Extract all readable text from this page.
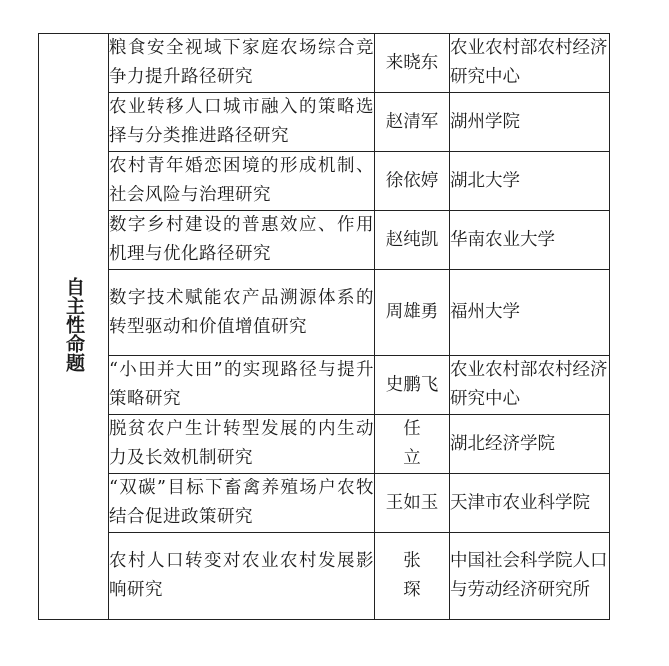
自主性命题	粮食安全视域下家庭农场综合竞争力提升路径研究	来晓东	农业农村部农村经济研究中心
	农业转移人口城市融入的策略选择与分类推进路径研究	赵清军	湖州学院
	农村青年婚恋困境的形成机制、社会风险与治理研究	徐依婷	湖北大学
	数字乡村建设的普惠效应、作用机理与优化路径研究	赵纯凯	华南农业大学
	数字技术赋能农产品溯源体系的转型驱动和价值增值研究	周雄勇	福州大学
	“小田并大田”的实现路径与提升策略研究	史鹏飞	农业农村部农村经济研究中心
	脱贫农户生计转型发展的内生动力及长效机制研究	任立	湖北经济学院
	“双碳”目标下畜禽养殖场户农牧结合促进政策研究	王如玉	天津市农业科学院
	农村人口转变对农业农村发展影响研究	张琛	中国社会科学院人口与劳动经济研究所
